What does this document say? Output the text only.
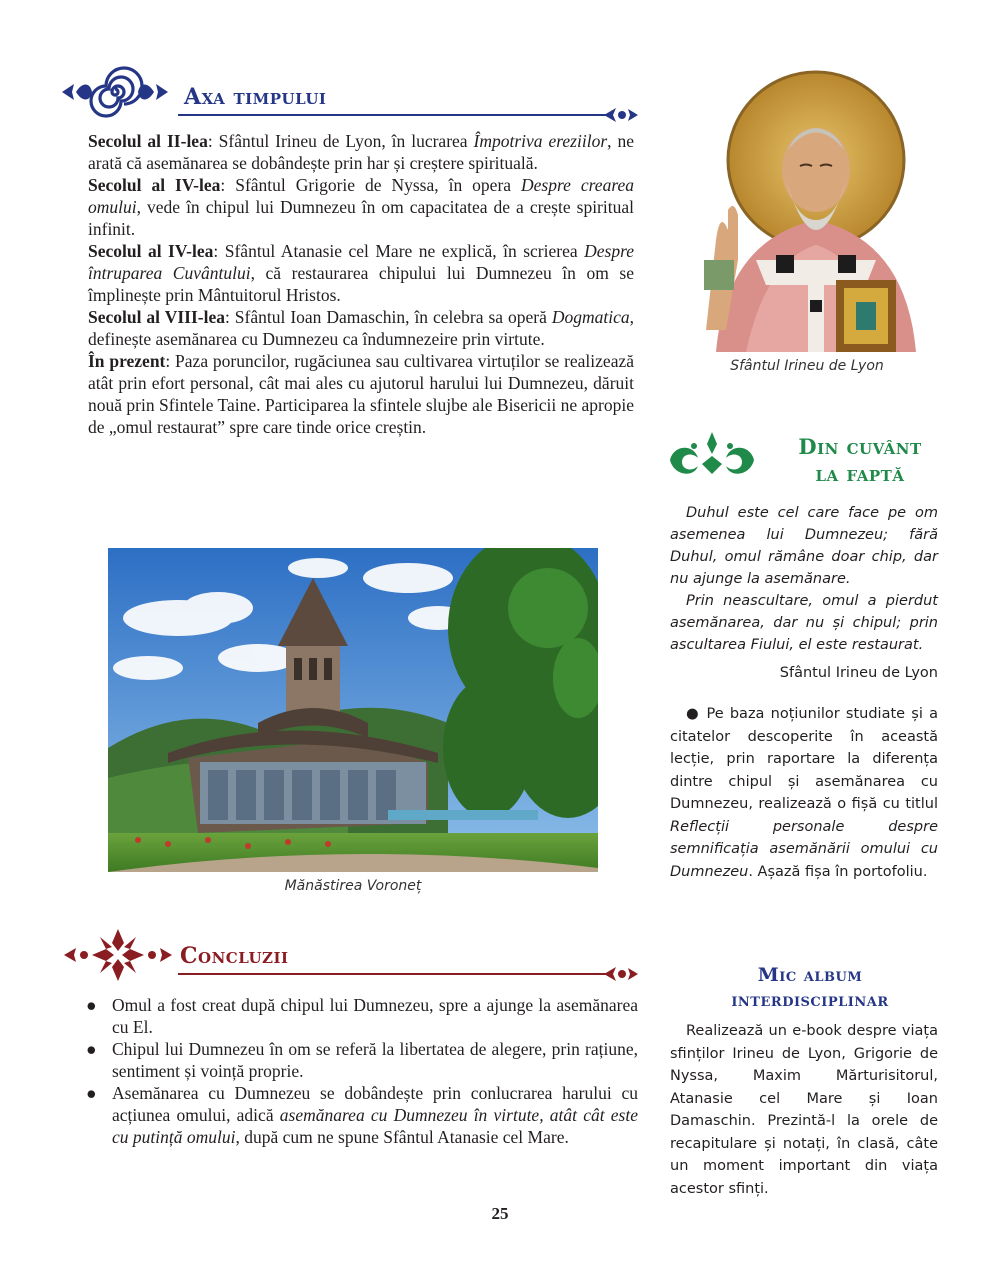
Axa timpului

Secolul al II-lea: Sfântul Irineu de Lyon, în lucrarea Împotriva ereziilor, ne arată că asemănarea se dobândește prin har și creștere spirituală.

Secolul al IV-lea: Sfântul Grigorie de Nyssa, în opera Despre crearea omului, vede în chipul lui Dumnezeu în om capacitatea de a crește spiritual infinit.

Secolul al IV-lea: Sfântul Atanasie cel Mare ne explică, în scrierea Despre întruparea Cuvântului, că restaurarea chipului lui Dumnezeu în om se împlinește prin Mântuitorul Hristos.

Secolul al VIII-lea: Sfântul Ioan Damaschin, în celebra sa operă Dogmatica, definește asemănarea cu Dumnezeu ca îndumnezeire prin virtute.

În prezent: Paza poruncilor, rugăciunea sau cultivarea virtuților se realizează atât prin efort personal, cât mai ales cu ajutorul harului lui Dumnezeu, dăruit nouă prin Sfintele Taine. Participarea la sfintele slujbe ale Bisericii ne apropie de „omul restaurat” spre care tinde orice creștin.

Mănăstirea Voroneț
Sfântul Irineu de Lyon
Din cuvânt
la faptă

Duhul este cel care face pe om asemenea lui Dumnezeu; fără Duhul, omul rămâne doar chip, dar nu ajunge la asemănare.

Prin neascultare, omul a pierdut asemănarea, dar nu și chipul; prin ascultarea Fiului, el este restaurat.

Sfântul Irineu de Lyon
● Pe baza noțiunilor studiate și a citatelor descoperite în această lecție, prin raportare la diferența dintre chipul și asemănarea cu Dumnezeu, realizează o fișă cu titlul Reflecții personale despre semnificația asemănării omului cu Dumnezeu. Așază fișa în portofoliu.
Concluzii
● Omul a fost creat după chipul lui Dumnezeu, spre a ajunge la asemănarea cu El.
● Chipul lui Dumnezeu în om se referă la libertatea de alegere, prin rațiune, sentiment și voință proprie.
● Asemănarea cu Dumnezeu se dobândește prin conlucrarea harului cu acțiunea omului, adică asemănarea cu Dumnezeu în virtute, atât cât este cu putință omului, după cum ne spune Sfântul Atanasie cel Mare.
Mic album
interdisciplinar
Realizează un e-book despre viața sfinților Irineu de Lyon, Grigorie de Nyssa, Maxim Mărturisitorul, Atanasie cel Mare și Ioan Damaschin. Prezintă-l la orele de recapitulare și notați, în clasă, câte un moment important din viața acestor sfinți.
25
